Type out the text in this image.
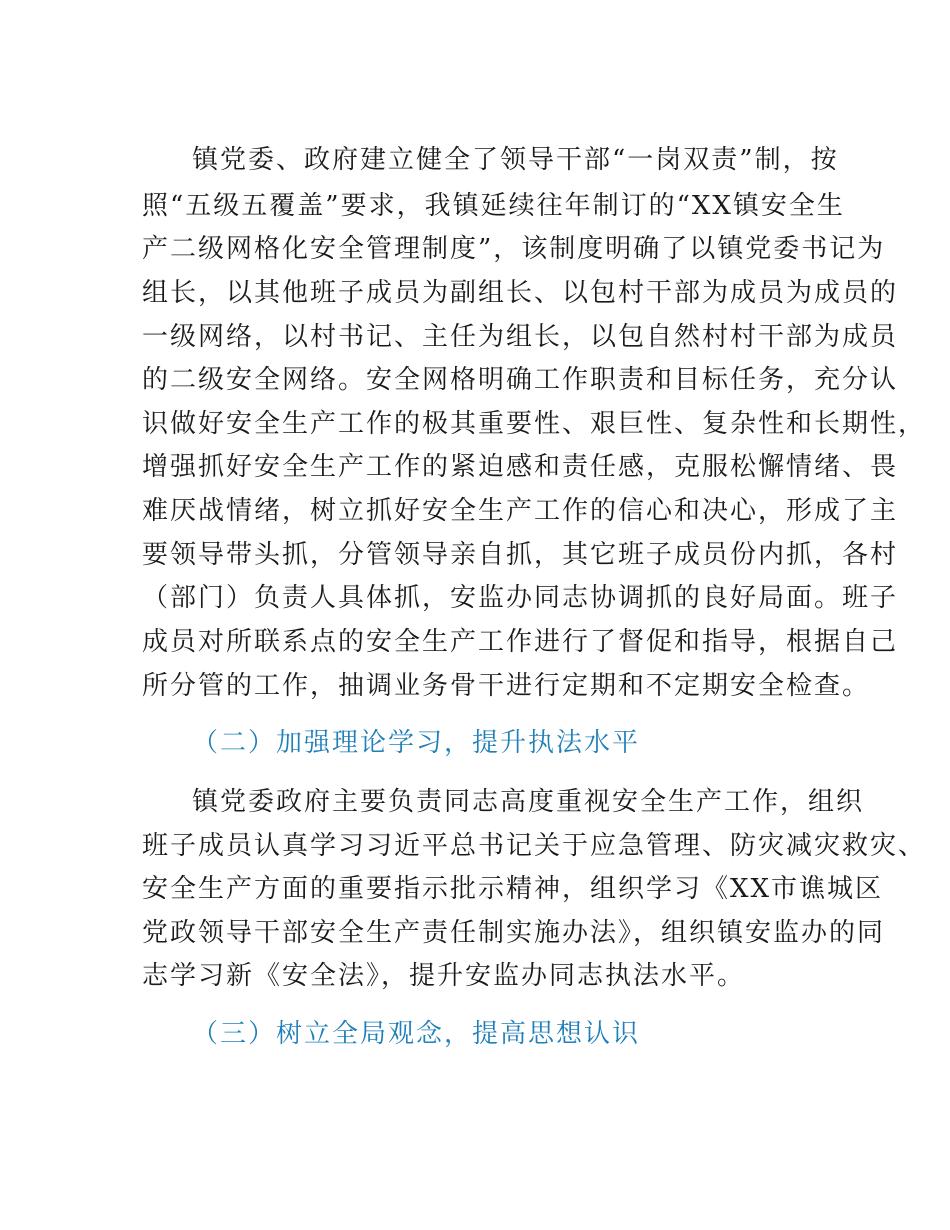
镇党委、政府建立健全了领导干部“一岗双责”制，按
照“五级五覆盖”要求，我镇延续往年制订的“XX镇安全生
产二级网格化安全管理制度”，该制度明确了以镇党委书记为
组长，以其他班子成员为副组长、以包村干部为成员为成员的
一级网络，以村书记、主任为组长，以包自然村村干部为成员
的二级安全网络。安全网格明确工作职责和目标任务，充分认
识做好安全生产工作的极其重要性、艰巨性、复杂性和长期性，
增强抓好安全生产工作的紧迫感和责任感，克服松懈情绪、畏
难厌战情绪，树立抓好安全生产工作的信心和决心，形成了主
要领导带头抓，分管领导亲自抓，其它班子成员份内抓，各村
（部门）负责人具体抓，安监办同志协调抓的良好局面。班子
成员对所联系点的安全生产工作进行了督促和指导，根据自己
所分管的工作，抽调业务骨干进行定期和不定期安全检查。
（二）加强理论学习，提升执法水平
镇党委政府主要负责同志高度重视安全生产工作，组织
班子成员认真学习习近平总书记关于应急管理、防灾减灾救灾、
安全生产方面的重要指示批示精神，组织学习《XX市谯城区
党政领导干部安全生产责任制实施办法》，组织镇安监办的同
志学习新《安全法》，提升安监办同志执法水平。
（三）树立全局观念，提高思想认识
